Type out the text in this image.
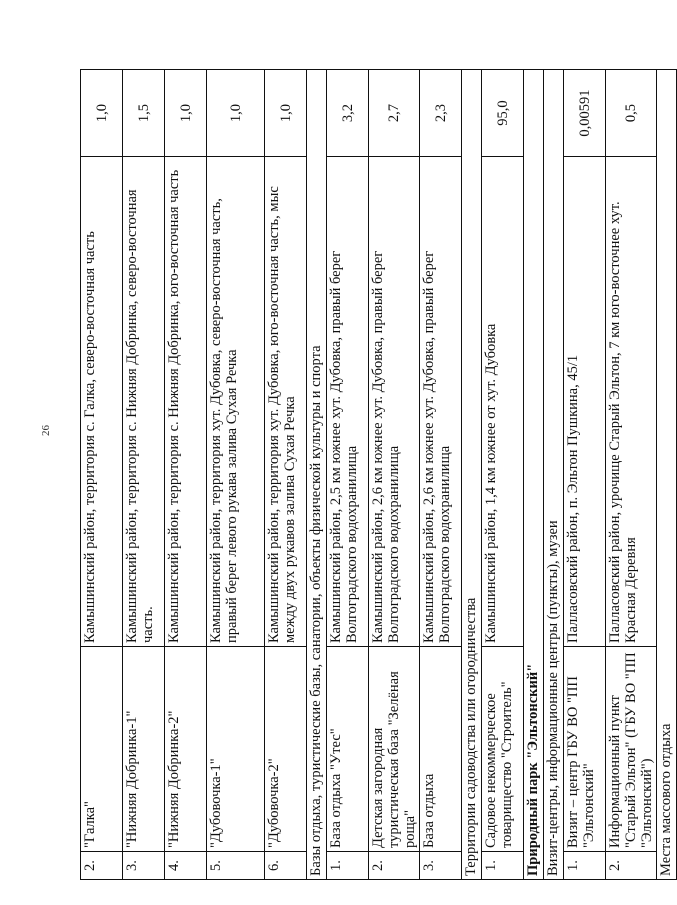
26
2.	"Галка"	Камышинский район, территория с. Галка, северо-восточная часть	1,0
3.	"Нижняя Добринка-1"	Камышинский район, территория с. Нижняя Добринка, северо-восточная часть.	1,5
4.	"Нижняя Добринка-2"	Камышинский район, территория с. Нижняя Добринка, юго-восточная часть	1,0
5.	"Дубовочка-1"	Камышинский район, территория хут. Дубовка, северо-восточная часть, правый берег левого рукава залива Сухая Речка	1,0
6.	"Дубовочка-2"	Камышинский район, территория хут. Дубовка, юго-восточная часть, мыс между двух рукавов залива Сухая Речка	1,0
Базы отдыха, туристические базы, санатории, объекты физической культуры и спорта			
1.	База отдыха "Утес"	Камышинский район, 2,5 км южнее хут. Дубовка, правый берег Волгоградского водохранилища	3,2
2.	Детская загородная туристическая база "Зелёная роща"	Камышинский район, 2,6 км южнее хут. Дубовка, правый берег Волгоградского водохранилища	2,7
3.	База отдыха	Камышинский район, 2,6 км южнее хут. Дубовка, правый берег Волгоградского водохранилища	2,3
Территории садоводства или огородничества			
1.	Садовое некоммерческое товарищество "Строитель"	Камышинский район, 1,4 км южнее от хут. Дубовка	95,0
Природный парк "Эльтонский"			
Визит-центры, информационные центры (пункты), музеи			
1.	Визит – центр ГБУ ВО "ПП "Эльтонский"	Палласовский район, п. Эльтон Пушкина, 45/1	0,00591
2.	Информационный пункт "Старый Эльтон" (ГБУ ВО "ПП "Эльтонский")	Палласовский район, урочище Старый Эльтон, 7 км юго-восточнее хут. Красная Деревня	0,5
Места массового отдыха			
